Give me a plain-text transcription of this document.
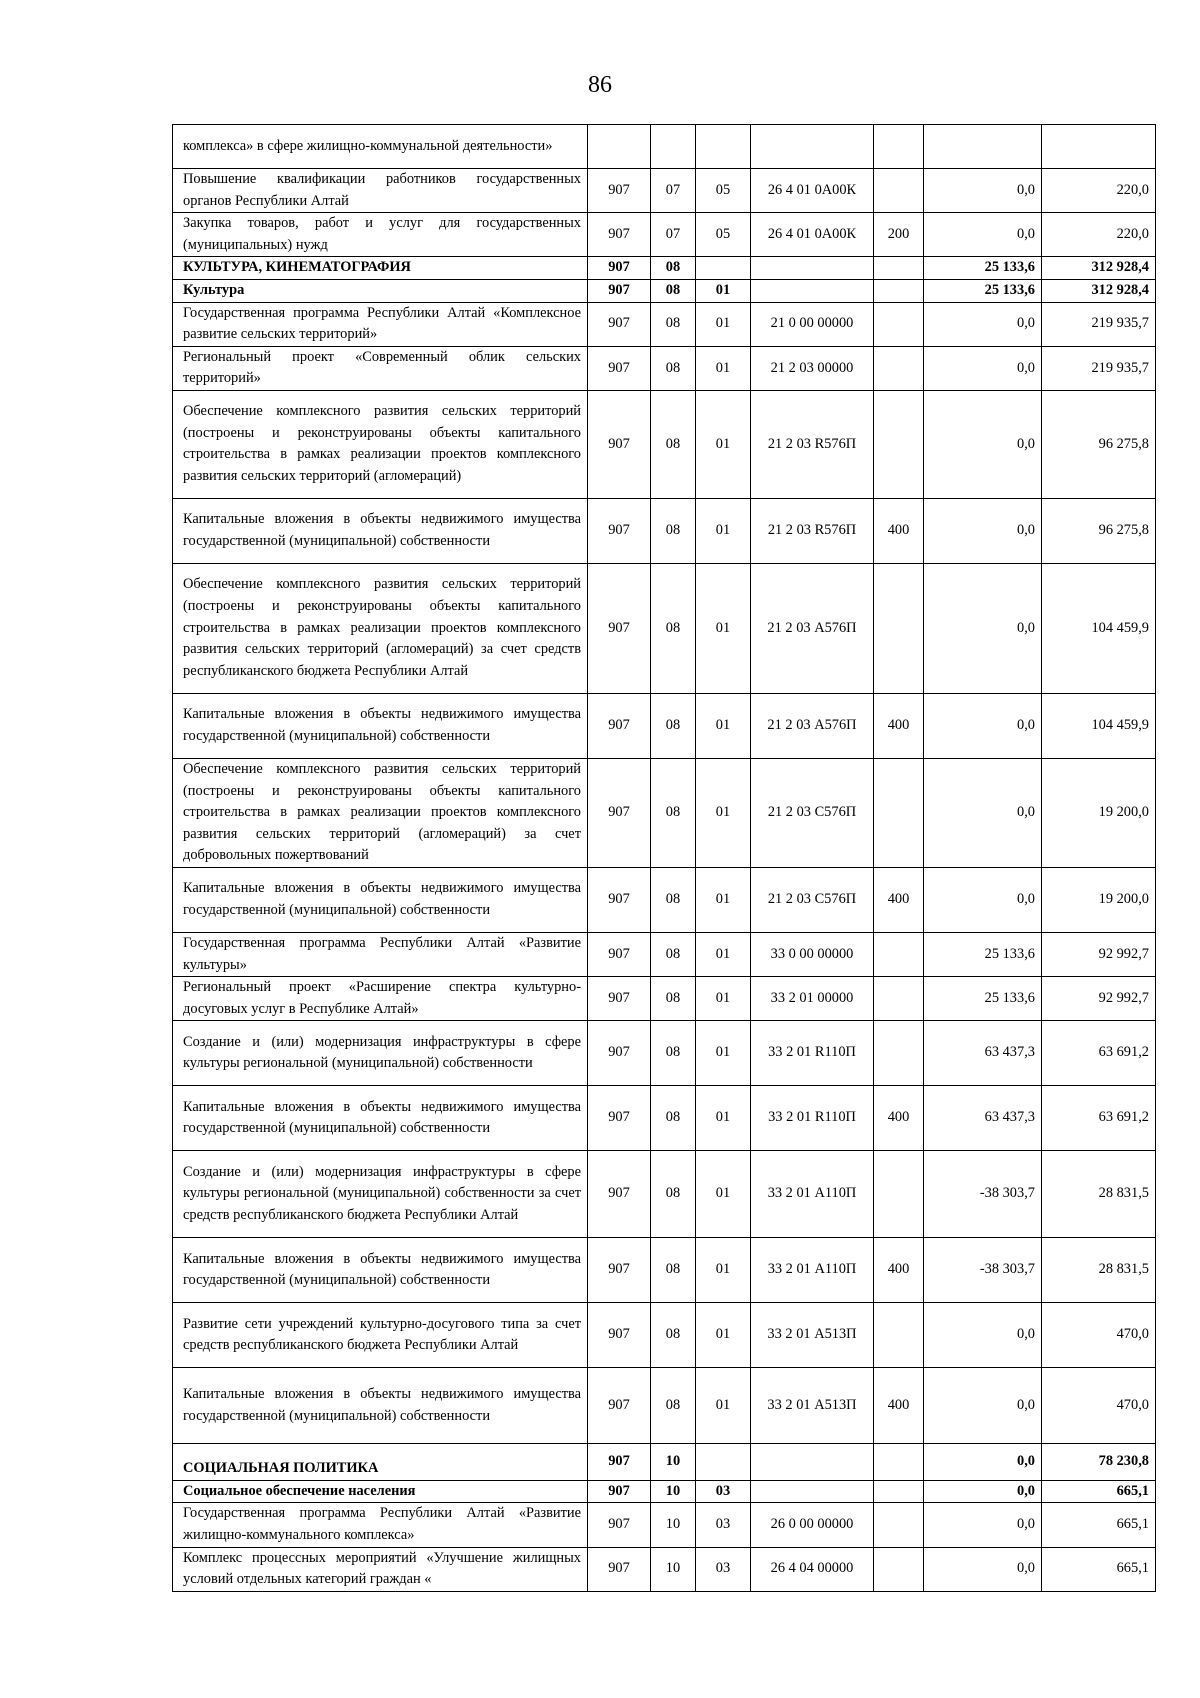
86
комплекса» в сфере жилищно-коммунальной деятельности»							
Повышение квалификации работников государственных органов Республики Алтай	907	07	05	26 4 01 0А00К		0,0	220,0
Закупка товаров, работ и услуг для государственных (муниципальных) нужд	907	07	05	26 4 01 0А00К	200	0,0	220,0
КУЛЬТУРА, КИНЕМАТОГРАФИЯ	907	08				25 133,6	312 928,4
Культура	907	08	01			25 133,6	312 928,4
Государственная программа Республики Алтай «Комплексное развитие сельских территорий»	907	08	01	21 0 00 00000		0,0	219 935,7
Региональный проект «Современный облик сельских территорий»	907	08	01	21 2 03 00000		0,0	219 935,7
Обеспечение комплексного развития сельских территорий (построены и реконструированы объекты капитального строительства в рамках реализации проектов комплексного развития сельских территорий (агломераций)	907	08	01	21 2 03 R576П		0,0	96 275,8
Капитальные вложения в объекты недвижимого имущества государственной (муниципальной) собственности	907	08	01	21 2 03 R576П	400	0,0	96 275,8
Обеспечение комплексного развития сельских территорий (построены и реконструированы объекты капитального строительства в рамках реализации проектов комплексного развития сельских территорий (агломераций) за счет средств республиканского бюджета Республики Алтай	907	08	01	21 2 03 А576П		0,0	104 459,9
Капитальные вложения в объекты недвижимого имущества государственной (муниципальной) собственности	907	08	01	21 2 03 А576П	400	0,0	104 459,9
Обеспечение комплексного развития сельских территорий (построены и реконструированы объекты капитального строительства в рамках реализации проектов комплексного развития сельских территорий (агломераций) за счет добровольных пожертвований	907	08	01	21 2 03 С576П		0,0	19 200,0
Капитальные вложения в объекты недвижимого имущества государственной (муниципальной) собственности	907	08	01	21 2 03 С576П	400	0,0	19 200,0
Государственная программа Республики Алтай «Развитие культуры»	907	08	01	33 0 00 00000		25 133,6	92 992,7
Региональный проект «Расширение спектра культурно-досуговых услуг в Республике Алтай»	907	08	01	33 2 01 00000		25 133,6	92 992,7
Создание и (или) модернизация инфраструктуры в сфере культуры региональной (муниципальной) собственности	907	08	01	33 2 01 R110П		63 437,3	63 691,2
Капитальные вложения в объекты недвижимого имущества государственной (муниципальной) собственности	907	08	01	33 2 01 R110П	400	63 437,3	63 691,2
Создание и (или) модернизация инфраструктуры в сфере культуры региональной (муниципальной) собственности за счет средств республиканского бюджета Республики Алтай	907	08	01	33 2 01 А110П		-38 303,7	28 831,5
Капитальные вложения в объекты недвижимого имущества государственной (муниципальной) собственности	907	08	01	33 2 01 А110П	400	-38 303,7	28 831,5
Развитие сети учреждений культурно-досугового типа за счет средств республиканского бюджета Республики Алтай	907	08	01	33 2 01 А513П		0,0	470,0
Капитальные вложения в объекты недвижимого имущества государственной (муниципальной) собственности	907	08	01	33 2 01 А513П	400	0,0	470,0
СОЦИАЛЬНАЯ ПОЛИТИКА	907	10				0,0	78 230,8
Социальное обеспечение населения	907	10	03			0,0	665,1
Государственная программа Республики Алтай «Развитие жилищно-коммунального комплекса»	907	10	03	26 0 00 00000		0,0	665,1
Комплекс процессных мероприятий «Улучшение жилищных условий отдельных категорий граждан «	907	10	03	26 4 04 00000		0,0	665,1
